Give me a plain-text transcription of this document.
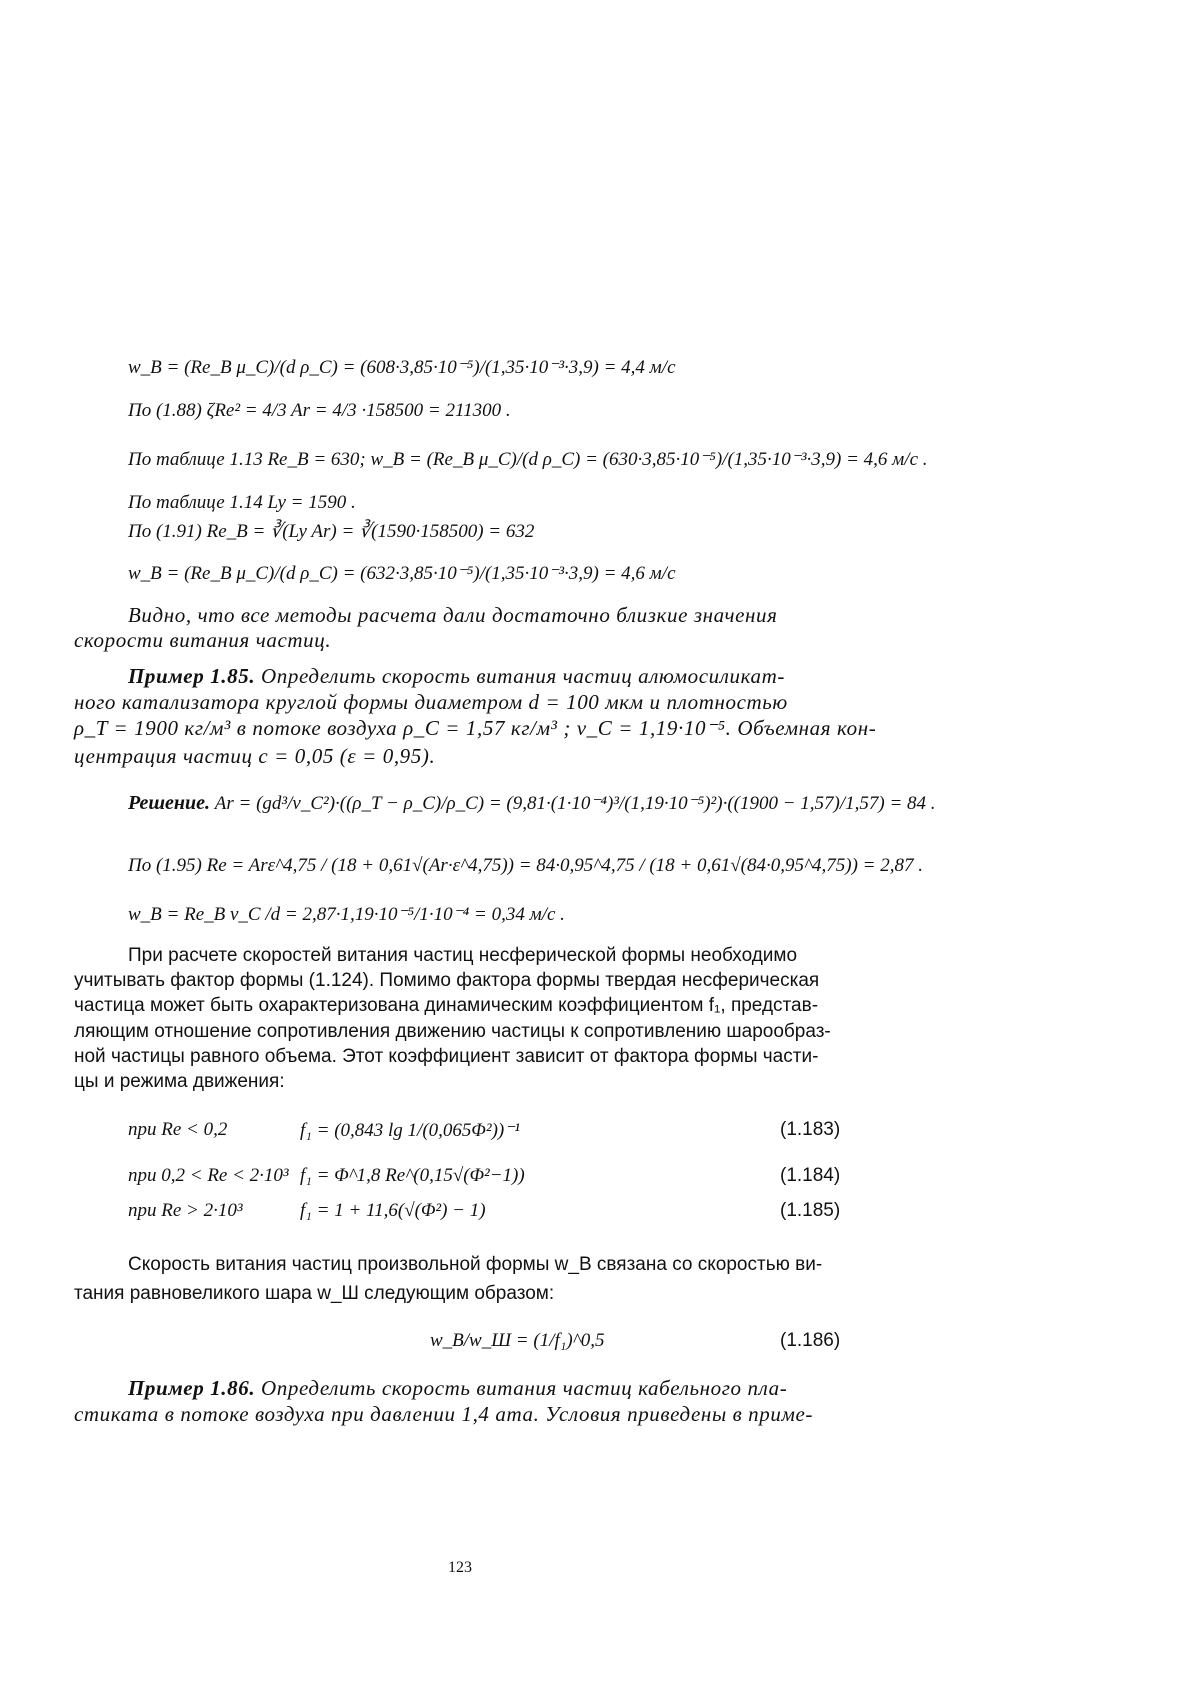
w_B = (Re_B μ_C)/(d ρ_C) = (608·3,85·10⁻⁵)/(1,35·10⁻³·3,9) = 4,4 м/с
По (1.88) ζRe² = 4/3 Ar = 4/3 ·158500 = 211300 .
По таблице 1.13 Re_B = 630; w_B = (Re_B μ_C)/(d ρ_C) = (630·3,85·10⁻⁵)/(1,35·10⁻³·3,9) = 4,6 м/с .
По таблице 1.14 Ly = 1590 .
По (1.91) Re_B = ∛(Ly Ar) = ∛(1590·158500) = 632
w_B = (Re_B μ_C)/(d ρ_C) = (632·3,85·10⁻⁵)/(1,35·10⁻³·3,9) = 4,6 м/с
Видно, что все методы расчета дали достаточно близкие значения
скорости витания частиц.
Пример 1.85. Определить скорость витания частиц алюмосиликат-
ного катализатора круглой формы диаметром d = 100 мкм и плотностью
ρ_T = 1900 кг/м³ в потоке воздуха ρ_C = 1,57 кг/м³ ; v_C = 1,19·10⁻⁵. Объемная кон-
центрация частиц c = 0,05 (ε = 0,95).
Решение. Ar = (gd³/v_C²)·((ρ_T − ρ_C)/ρ_C) = (9,81·(1·10⁻⁴)³/(1,19·10⁻⁵)²)·((1900 − 1,57)/1,57) = 84 .
По (1.95) Re = Arε^4,75 / (18 + 0,61√(Ar·ε^4,75)) = 84·0,95^4,75 / (18 + 0,61√(84·0,95^4,75)) = 2,87 .
w_B = Re_B v_C /d = 2,87·1,19·10⁻⁵/1·10⁻⁴ = 0,34 м/с .
При расчете скоростей витания частиц несферической формы необходимо
учитывать фактор формы (1.124). Помимо фактора формы твердая несферическая
частица может быть охарактеризована динамическим коэффициентом f₁, представ-
ляющим отношение сопротивления движению частицы к сопротивлению шарообраз-
ной частицы равного объема. Этот коэффициент зависит от фактора формы части-
цы и режима движения:
при Re < 0,2	f₁ = (0,843 lg 1/(0,065Φ²))⁻¹	(1.183)
при 0,2 < Re < 2·10³ f₁ = Φ^1,8 Re^(0,15√(Φ²−1))	(1.184)
при Re > 2·10³	f₁ = 1 + 11,6(√(Φ²) − 1)	(1.185)
Скорость витания частиц произвольной формы w_B связана со скоростью ви-
тания равновеликого шара w_Ш следующим образом:
w_B/w_Ш = (1/f₁)^0,5	(1.186)
Пример 1.86. Определить скорость витания частиц кабельного пла-
стиката в потоке воздуха при давлении 1,4 ата. Условия приведены в приме-
123
